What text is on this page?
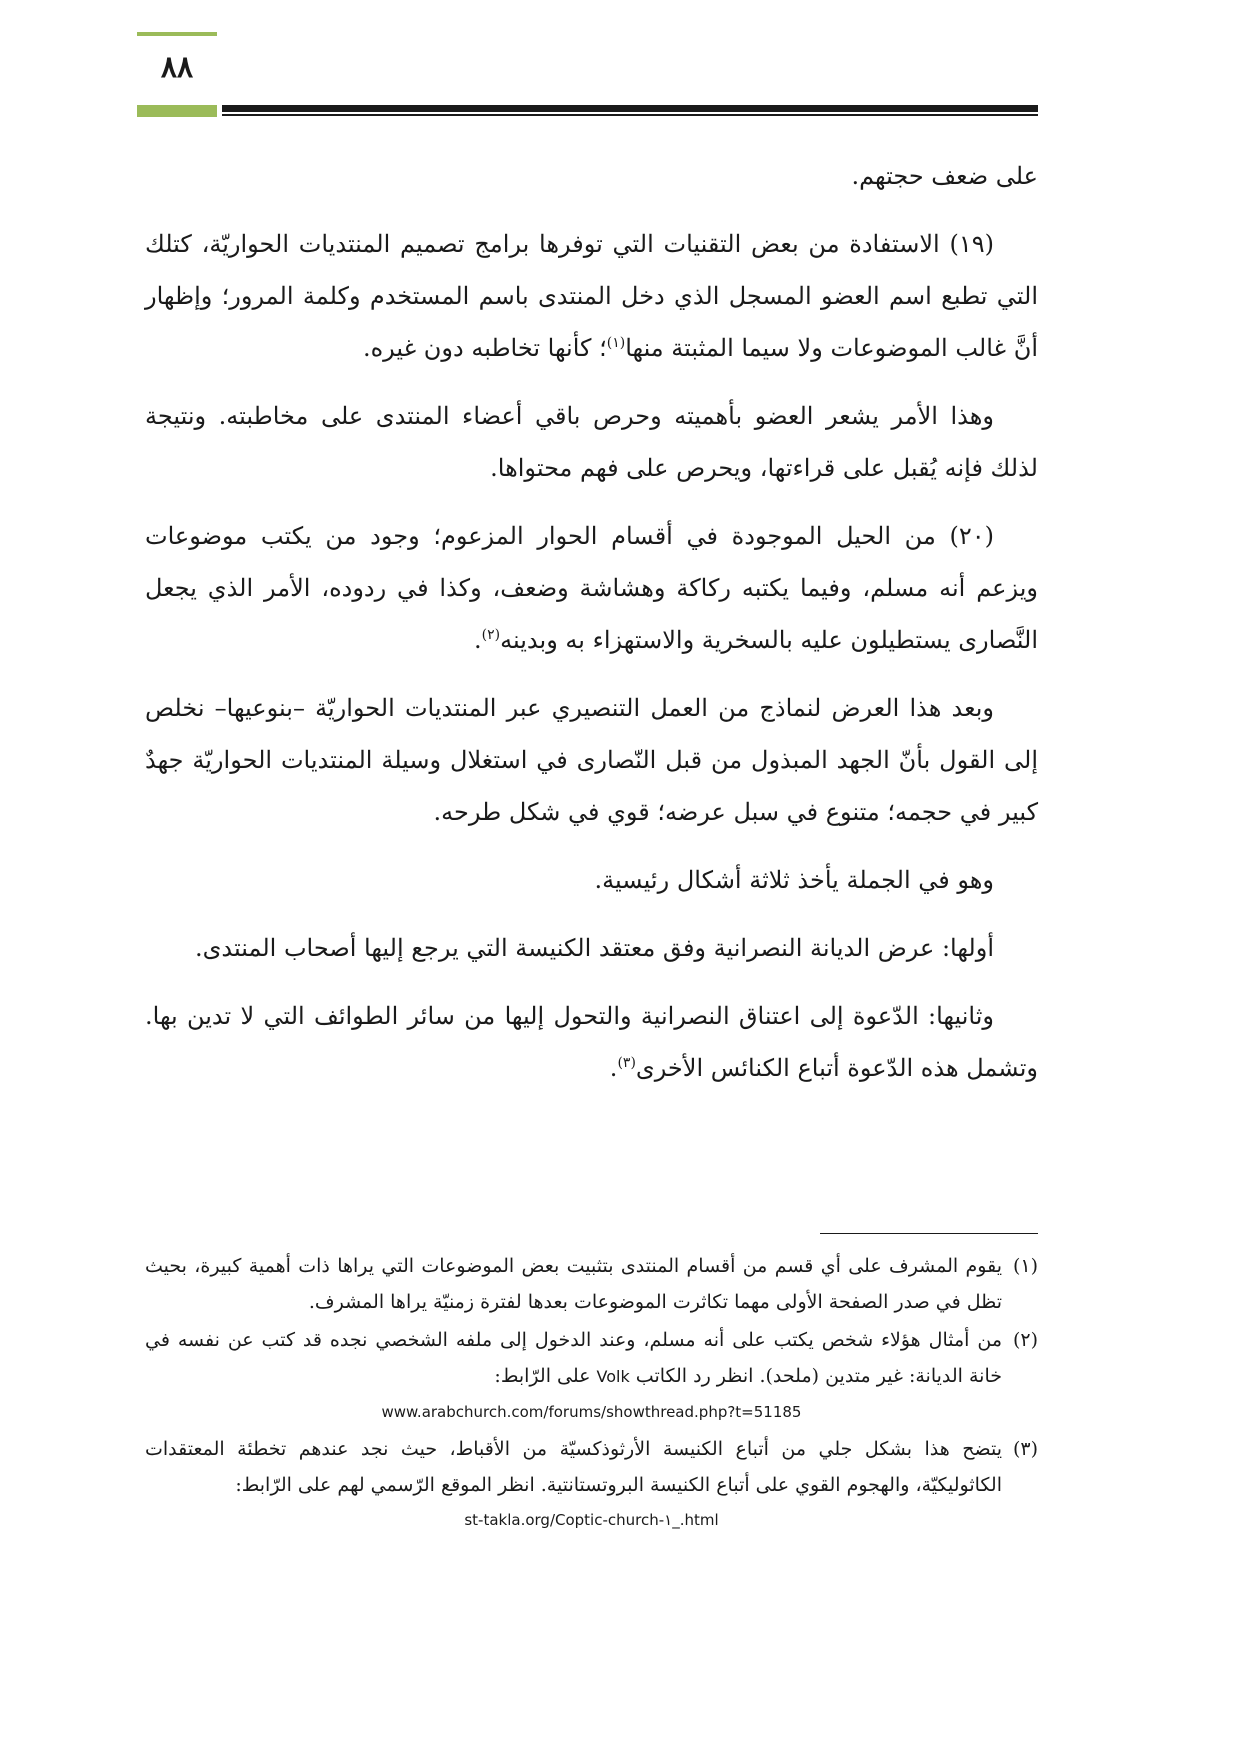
٨٨

على ضعف حجتهم.

(١٩) الاستفادة من بعض التقنيات التي توفرها برامج تصميم المنتديات الحواريّة، كتلك التي تطبع اسم العضو المسجل الذي دخل المنتدى باسم المستخدم وكلمة المرور؛ وإظهار أنَّ غالب الموضوعات ولا سيما المثبتة منها$^{(١)}$؛ كأنها تخاطبه دون غيره.

وهذا الأمر يشعر العضو بأهميته وحرص باقي أعضاء المنتدى على مخاطبته. ونتيجة لذلك فإنه يُقبل على قراءتها، ويحرص على فهم محتواها.

(٢٠) من الحيل الموجودة في أقسام الحوار المزعوم؛ وجود من يكتب موضوعات ويزعم أنه مسلم، وفيما يكتبه ركاكة وهشاشة وضعف، وكذا في ردوده، الأمر الذي يجعل النَّصارى يستطيلون عليه بالسخرية والاستهزاء به وبدينه$^{(٢)}$.

وبعد هذا العرض لنماذج من العمل التنصيري عبر المنتديات الحواريّة –بنوعيها– نخلص إلى القول بأنّ الجهد المبذول من قبل النّصارى في استغلال وسيلة المنتديات الحواريّة جهدٌ كبير في حجمه؛ متنوع في سبل عرضه؛ قوي في شكل طرحه.

وهو في الجملة يأخذ ثلاثة أشكال رئيسية.

أولها: عرض الديانة النصرانية وفق معتقد الكنيسة التي يرجع إليها أصحاب المنتدى.

وثانيها: الدّعوة إلى اعتناق النصرانية والتحول إليها من سائر الطوائف التي لا تدين بها. وتشمل هذه الدّعوة أتباع الكنائس الأخرى$^{(٣)}$.

(١)
يقوم المشرف على أي قسم من أقسام المنتدى بتثبيت بعض الموضوعات التي يراها ذات أهمية كبيرة، بحيث تظل في صدر الصفحة الأولى مهما تكاثرت الموضوعات بعدها لفترة زمنيّة يراها المشرف.
(٢)
من أمثال هؤلاء شخص يكتب على أنه مسلم، وعند الدخول إلى ملفه الشخصي نجده قد كتب عن نفسه في خانة الديانة: غير متدين (ملحد). انظر رد الكاتب Volk على الرّابط:
www.arabchurch.com/forums/showthread.php?t=51185
(٣)
يتضح هذا بشكل جلي من أتباع الكنيسة الأرثوذكسيّة من الأقباط، حيث نجد عندهم تخطئة المعتقدات الكاثوليكيّة، والهجوم القوي على أتباع الكنيسة البروتستانتية. انظر الموقع الرّسمي لهم على الرّابط:
st-takla.org/Coptic-church-١_.html
